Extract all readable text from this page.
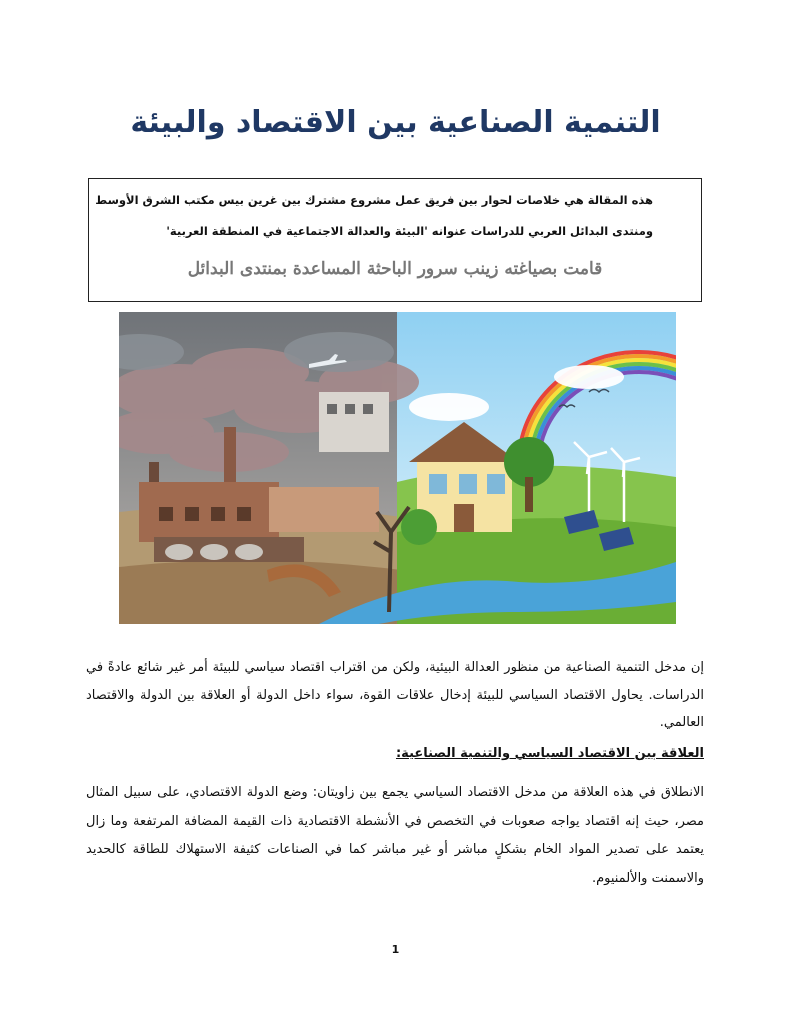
التنمية الصناعية بين الاقتصاد والبيئة
هذه المقالة هي خلاصات لحوار بين فريق عمل مشروع مشترك بين غرين بيس مكتب الشرق الأوسط
ومنتدى البدائل العربي للدراسات عنوانه 'البيئة والعدالة الاجتماعية في المنطقة العربية'
قامت بصياغته زينب سرور الباحثة المساعدة بمنتدى البدائل

إن مدخل التنمية الصناعية من منظور العدالة البيئية، ولكن من اقتراب اقتصاد سياسي للبيئة أمر غير شائع عادةً في الدراسات. يحاول الاقتصاد السياسي للبيئة إدخال علاقات القوة، سواء داخل الدولة أو العلاقة بين الدولة والاقتصاد العالمي.

العلاقة بين الاقتصاد السياسي والتنمية الصناعية:

الانطلاق في هذه العلاقة من مدخل الاقتصاد السياسي يجمع بين زاويتان: وضع الدولة الاقتصادي، على سبيل المثال مصر، حيث إنه اقتصاد يواجه صعوبات في التخصص في الأنشطة الاقتصادية ذات القيمة المضافة المرتفعة وما زال يعتمد على تصدير المواد الخام بشكلٍ مباشر أو غير مباشر كما في الصناعات كثيفة الاستهلاك للطاقة كالحديد والاسمنت والألمنيوم.

1
